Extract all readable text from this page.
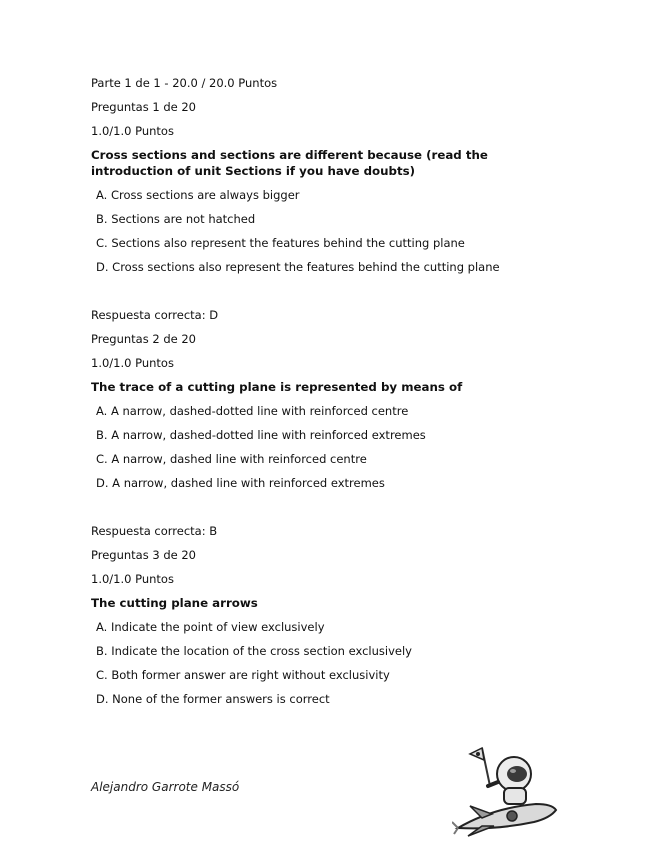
Parte 1 de 1 - 20.0 / 20.0 Puntos

Preguntas 1 de 20

1.0/1.0 Puntos

Cross sections and sections are different because (read the introduction of unit Sections if you have doubts)

A. Cross sections are always bigger

B. Sections are not hatched

C. Sections also represent the features behind the cutting plane

D. Cross sections also represent the features behind the cutting plane

Respuesta correcta: D

Preguntas 2 de 20

1.0/1.0 Puntos

The trace of a cutting plane is represented by means of

A. A narrow, dashed-dotted line with reinforced centre

B. A narrow, dashed-dotted line with reinforced extremes

C. A narrow, dashed line with reinforced centre

D. A narrow, dashed line with reinforced extremes

Respuesta correcta: B

Preguntas 3 de 20

1.0/1.0 Puntos

The cutting plane arrows

A. Indicate the point of view exclusively

B. Indicate the location of the cross section exclusively

C. Both former answer are right without exclusivity

D. None of the former answers is correct

Alejandro Garrote Massó
